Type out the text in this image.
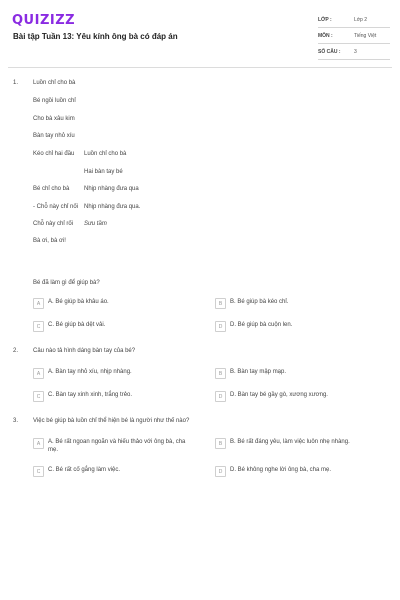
QUIZIZZ
Bài tập Tuần 13: Yêu kính ông bà có đáp án
LỚP :	Lớp 2
MÔN :	Tiếng Việt
SỐ CÂU :	3
1. Luồn chỉ cho bà
Bé ngồi luồn chỉ
Cho bà xâu kim
Bàn tay nhỏ xíu
Kéo chỉ hai đầu Luồn chỉ cho bà
Hai bàn tay bé
Bé chỉ cho bà Nhịp nhàng đưa qua
- Chỗ này chỉ nối Nhịp nhàng đưa qua.
Chỗ này chỉ rối Sưu tầm
Bà ơi, bà ơi!
Bé đã làm gì để giúp bà?
A	A. Bé giúp bà khâu áo.	B	B. Bé giúp bà kéo chỉ.
C	C. Bé giúp bà dệt vải.	D	D. Bé giúp bà cuộn len.
2. Câu nào tả hình dáng bàn tay của bé?
A	A. Bàn tay nhỏ xíu, nhịp nhàng.	B	B. Bàn tay mập mạp.
C	C. Bàn tay xinh xinh, trắng trẻo.	D	D. Bàn tay bé gầy gò, xương xương.
3. Việc bé giúp bà luồn chỉ thể hiện bé là người như thế nào?
A	A. Bé rất ngoan ngoãn và hiếu thảo với ông bà, cha mẹ.
B	B. Bé rất đáng yêu, làm việc luôn nhẹ nhàng.
C	C. Bé rất cố gắng làm việc.	D	D. Bé không nghe lời ông bà, cha mẹ.
